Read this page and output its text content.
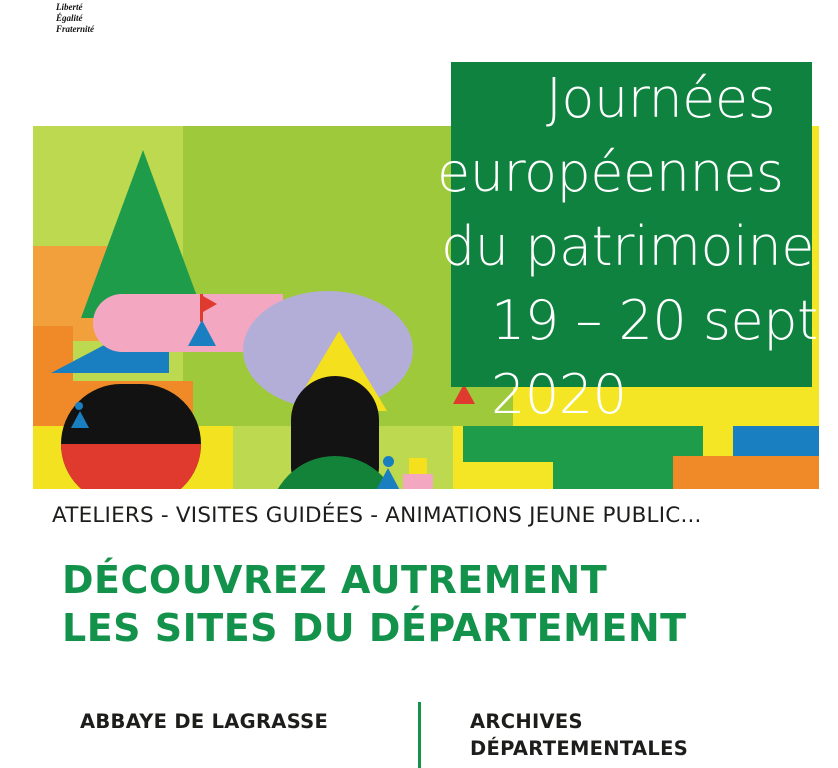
Liberté
Égalité
Fraternité
Journées
européennes
du patrimoine
19 – 20 sept
2020
ATELIERS - VISITES GUIDÉES - ANIMATIONS JEUNE PUBLIC...
DÉCOUVREZ AUTREMENT
LES SITES DU DÉPARTEMENT
ABBAYE DE LAGRASSE	ARCHIVES
DÉPARTEMENTALES
